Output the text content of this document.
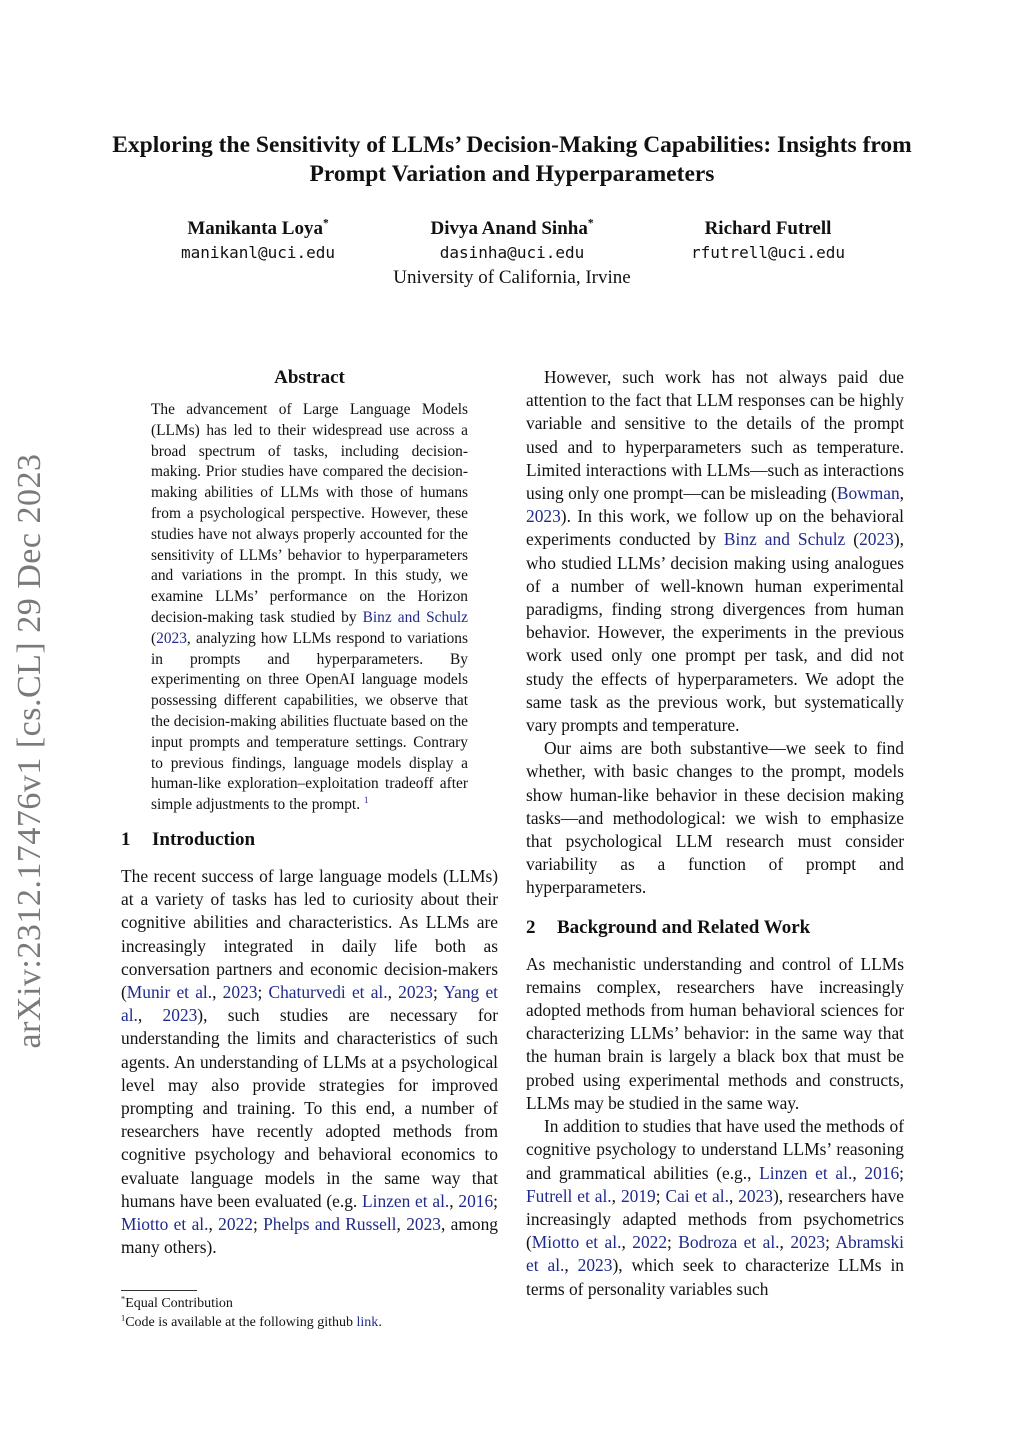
arXiv:2312.17476v1 [cs.CL] 29 Dec 2023
Exploring the Sensitivity of LLMs’ Decision-Making Capabilities: Insights from Prompt Variation and Hyperparameters
Manikanta Loya*
manikanl@uci.edu
Divya Anand Sinha*
dasinha@uci.edu
University of California, Irvine
Richard Futrell
rfutrell@uci.edu
Abstract
The advancement of Large Language Models (LLMs) has led to their widespread use across a broad spectrum of tasks, including decision-making. Prior studies have compared the decision-making abilities of LLMs with those of humans from a psychological perspective. However, these studies have not always properly accounted for the sensitivity of LLMs’ behavior to hyperparameters and variations in the prompt. In this study, we examine LLMs’ performance on the Horizon decision-making task studied by Binz and Schulz (2023, analyzing how LLMs respond to variations in prompts and hyperparameters. By experimenting on three OpenAI language models possessing different capabilities, we observe that the decision-making abilities fluctuate based on the input prompts and temperature settings. Contrary to previous findings, language models display a human-like exploration–exploitation tradeoff after simple adjustments to the prompt. $^1$
1 Introduction

The recent success of large language models (LLMs) at a variety of tasks has led to curiosity about their cognitive abilities and characteristics. As LLMs are increasingly integrated in daily life both as conversation partners and economic decision-makers (Munir et al., 2023; Chaturvedi et al., 2023; Yang et al., 2023), such studies are necessary for understanding the limits and characteristics of such agents. An understanding of LLMs at a psychological level may also provide strategies for improved prompting and training. To this end, a number of researchers have recently adopted methods from cognitive psychology and behavioral economics to evaluate language models in the same way that humans have been evaluated (e.g. Linzen et al., 2016; Miotto et al., 2022; Phelps and Russell, 2023, among many others).

*Equal Contribution
$^1$Code is available at the following github link.

However, such work has not always paid due attention to the fact that LLM responses can be highly variable and sensitive to the details of the prompt used and to hyperparameters such as temperature. Limited interactions with LLMs—such as interactions using only one prompt—can be misleading (Bowman, 2023). In this work, we follow up on the behavioral experiments conducted by Binz and Schulz (2023), who studied LLMs’ decision making using analogues of a number of well-known human experimental paradigms, finding strong divergences from human behavior. However, the experiments in the previous work used only one prompt per task, and did not study the effects of hyperparameters. We adopt the same task as the previous work, but systematically vary prompts and temperature.

Our aims are both substantive—we seek to find whether, with basic changes to the prompt, models show human-like behavior in these decision making tasks—and methodological: we wish to emphasize that psychological LLM research must consider variability as a function of prompt and hyperparameters.

2 Background and Related Work

As mechanistic understanding and control of LLMs remains complex, researchers have increasingly adopted methods from human behavioral sciences for characterizing LLMs’ behavior: in the same way that the human brain is largely a black box that must be probed using experimental methods and constructs, LLMs may be studied in the same way.

In addition to studies that have used the methods of cognitive psychology to understand LLMs’ reasoning and grammatical abilities (e.g., Linzen et al., 2016; Futrell et al., 2019; Cai et al., 2023), researchers have increasingly adapted methods from psychometrics (Miotto et al., 2022; Bodroza et al., 2023; Abramski et al., 2023), which seek to characterize LLMs in terms of personality variables such
